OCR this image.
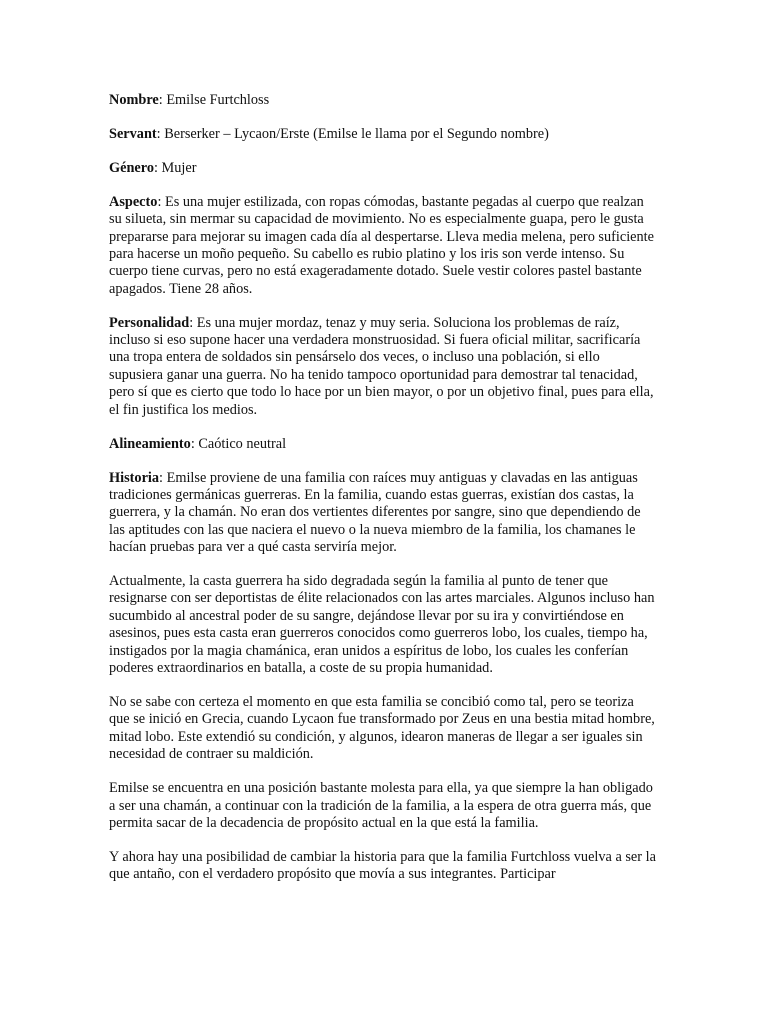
Nombre: Emilse Furtchloss

Servant: Berserker – Lycaon/Erste (Emilse le llama por el Segundo nombre)

Género: Mujer

Aspecto: Es una mujer estilizada, con ropas cómodas, bastante pegadas al cuerpo que realzan su silueta, sin mermar su capacidad de movimiento. No es especialmente guapa, pero le gusta prepararse para mejorar su imagen cada día al despertarse. Lleva media melena, pero suficiente para hacerse un moño pequeño. Su cabello es rubio platino y los iris son verde intenso. Su cuerpo tiene curvas, pero no está exageradamente dotado. Suele vestir colores pastel bastante apagados. Tiene 28 años.

Personalidad: Es una mujer mordaz, tenaz y muy seria. Soluciona los problemas de raíz, incluso si eso supone hacer una verdadera monstruosidad. Si fuera oficial militar, sacrificaría una tropa entera de soldados sin pensárselo dos veces, o incluso una población, si ello supusiera ganar una guerra. No ha tenido tampoco oportunidad para demostrar tal tenacidad, pero sí que es cierto que todo lo hace por un bien mayor, o por un objetivo final, pues para ella, el fin justifica los medios.

Alineamiento: Caótico neutral

Historia: Emilse proviene de una familia con raíces muy antiguas y clavadas en las antiguas tradiciones germánicas guerreras. En la familia, cuando estas guerras, existían dos castas, la guerrera, y la chamán. No eran dos vertientes diferentes por sangre, sino que dependiendo de las aptitudes con las que naciera el nuevo o la nueva miembro de la familia, los chamanes le hacían pruebas para ver a qué casta serviría mejor.

Actualmente, la casta guerrera ha sido degradada según la familia al punto de tener que resignarse con ser deportistas de élite relacionados con las artes marciales. Algunos incluso han sucumbido al ancestral poder de su sangre, dejándose llevar por su ira y convirtiéndose en asesinos, pues esta casta eran guerreros conocidos como guerreros lobo, los cuales, tiempo ha, instigados por la magia chamánica, eran unidos a espíritus de lobo, los cuales les conferían poderes extraordinarios en batalla, a coste de su propia humanidad.

No se sabe con certeza el momento en que esta familia se concibió como tal, pero se teoriza que se inició en Grecia, cuando Lycaon fue transformado por Zeus en una bestia mitad hombre, mitad lobo. Este extendió su condición, y algunos, idearon maneras de llegar a ser iguales sin necesidad de contraer su maldición.

Emilse se encuentra en una posición bastante molesta para ella, ya que siempre la han obligado a ser una chamán, a continuar con la tradición de la familia, a la espera de otra guerra más, que permita sacar de la decadencia de propósito actual en la que está la familia.

Y ahora hay una posibilidad de cambiar la historia para que la familia Furtchloss vuelva a ser la que antaño, con el verdadero propósito que movía a sus integrantes. Participar
